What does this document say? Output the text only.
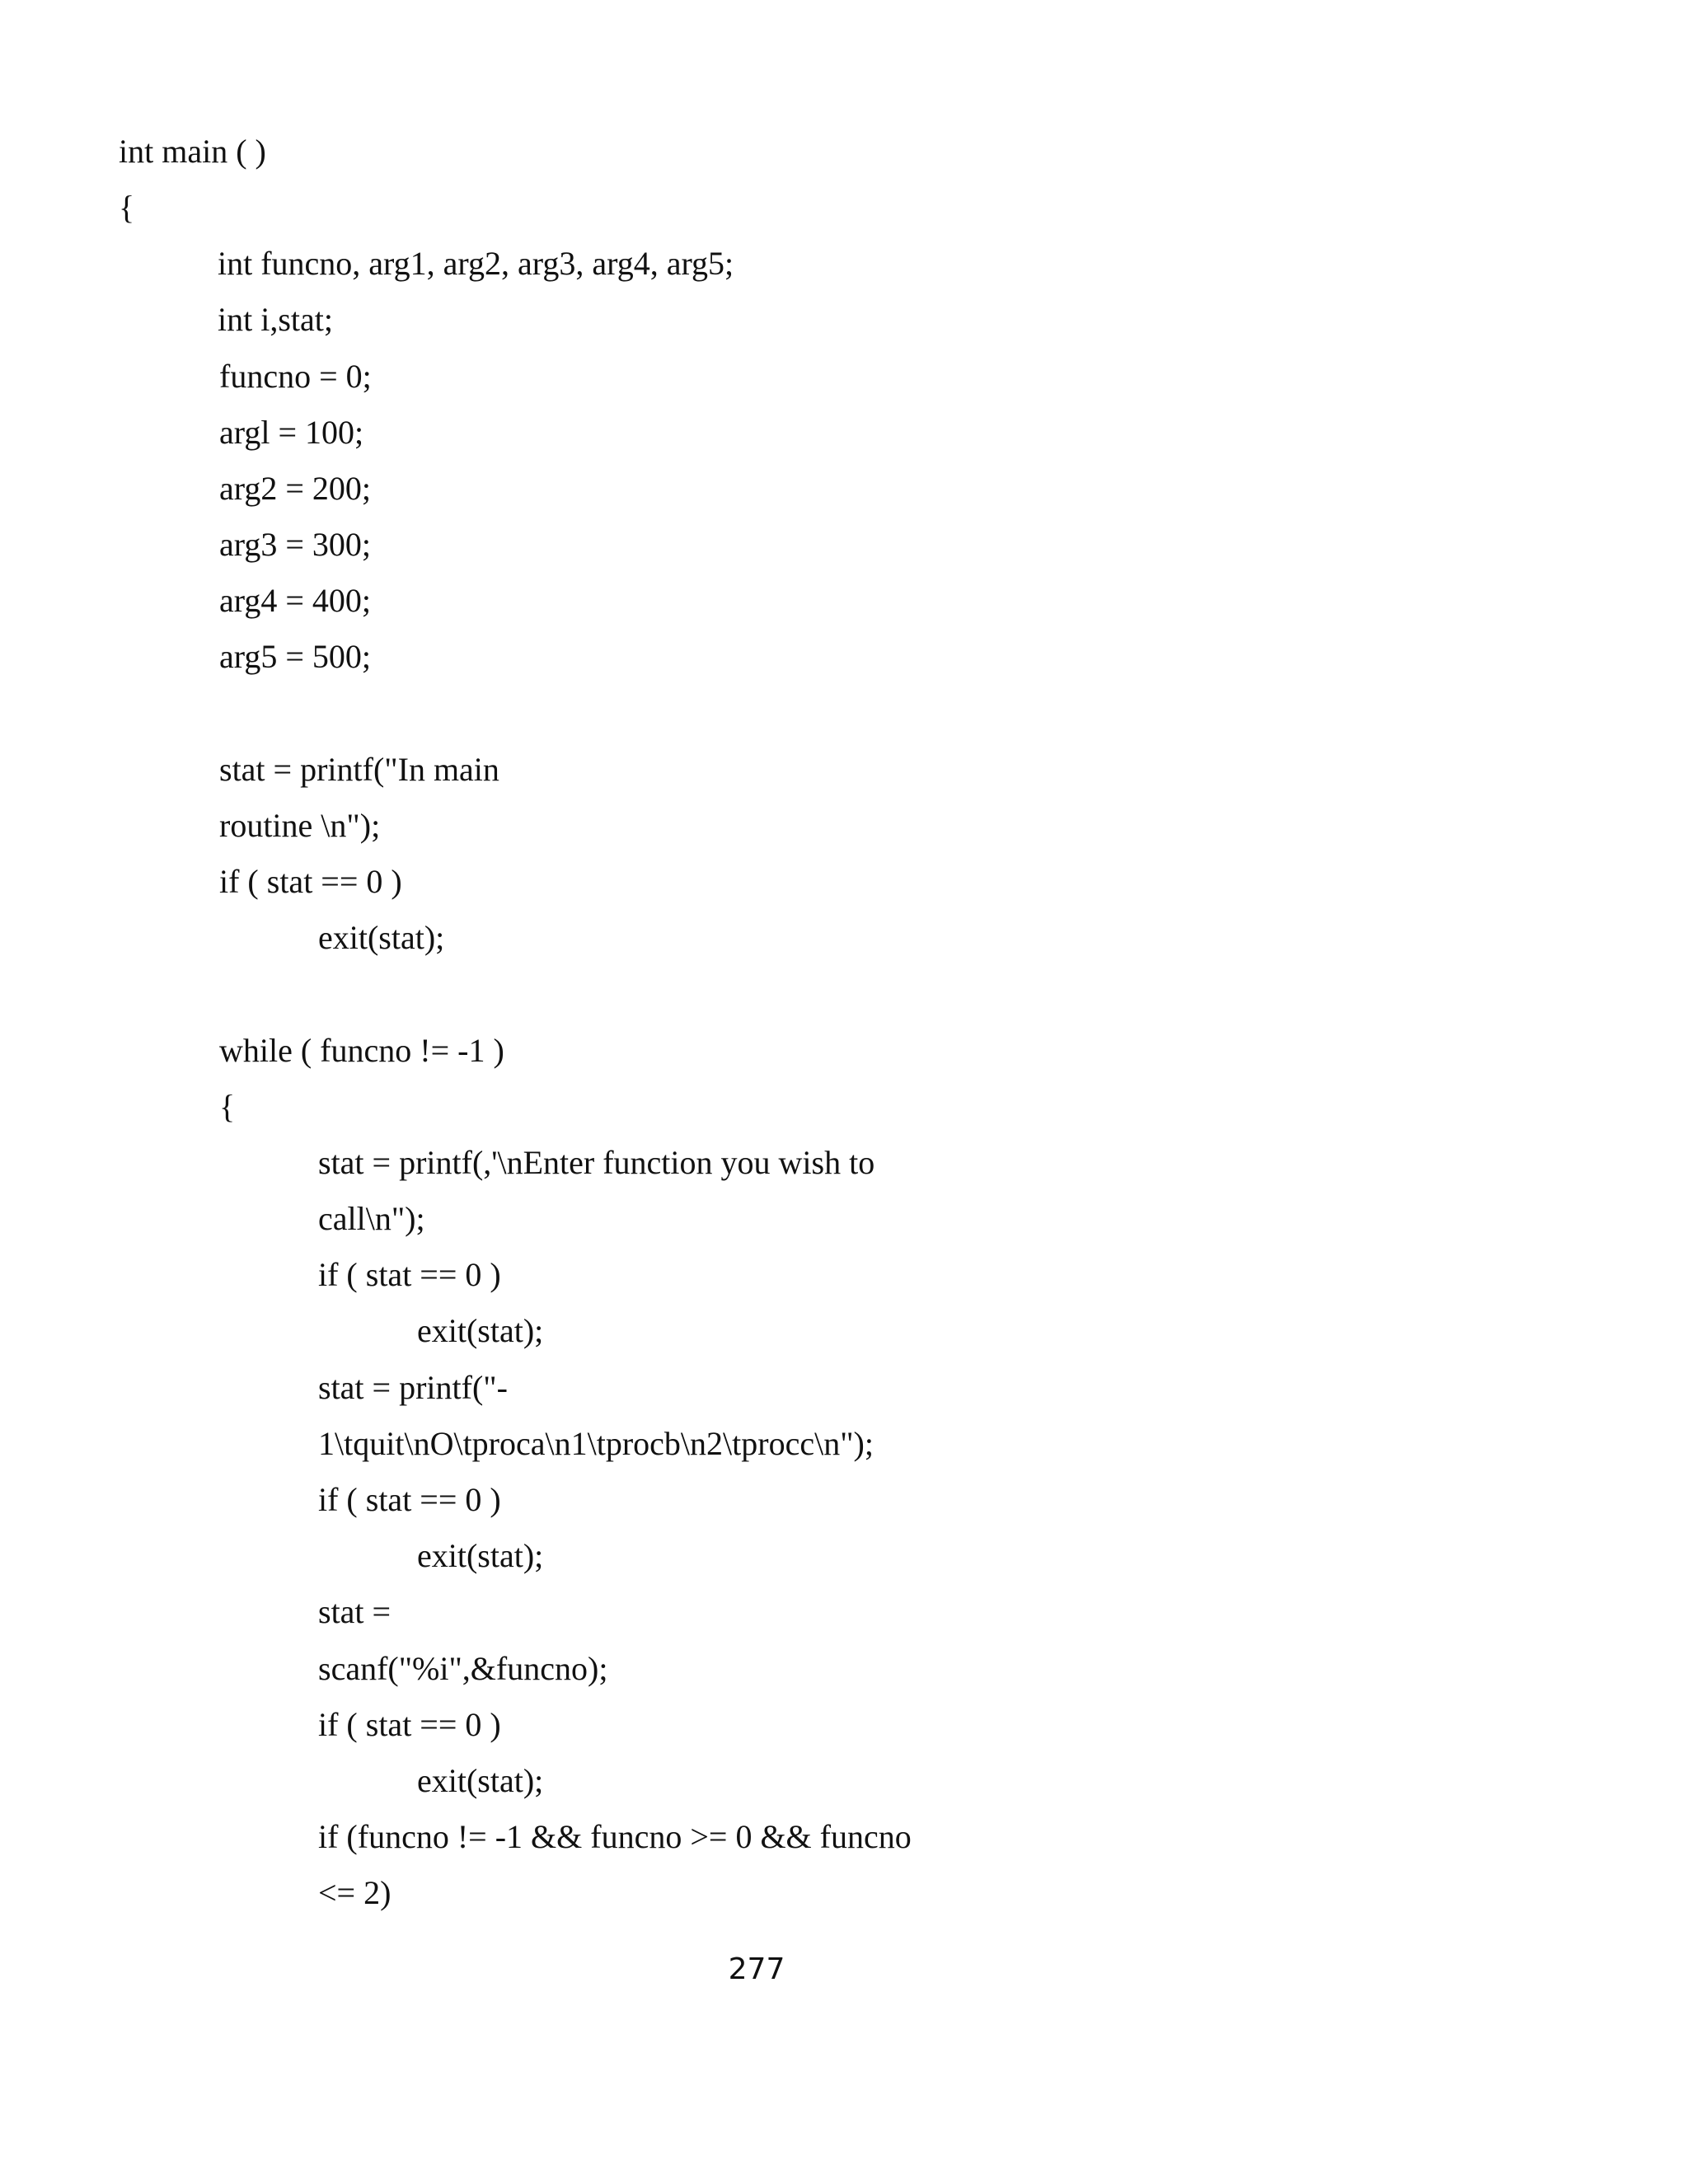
int main ( )
{
int funcno, arg1, arg2, arg3, arg4, arg5;
int i,stat;
funcno = 0;
argl = 100;
arg2 = 200;
arg3 = 300;
arg4 = 400;
arg5 = 500;
stat = printf("In main
routine \n");
if ( stat == 0 )
exit(stat);
while ( funcno != -1 )
{
stat = printf(,'\nEnter function you wish to
call\n");
if ( stat == 0 )
exit(stat);
stat = printf("-
1\tquit\nO\tproca\n1\tprocb\n2\tprocc\n");
if ( stat == 0 )
exit(stat);
stat =
scanf("%i",&funcno);
if ( stat == 0 )
exit(stat);
if (funcno != -1 && funcno >= 0 && funcno
<= 2)
277
